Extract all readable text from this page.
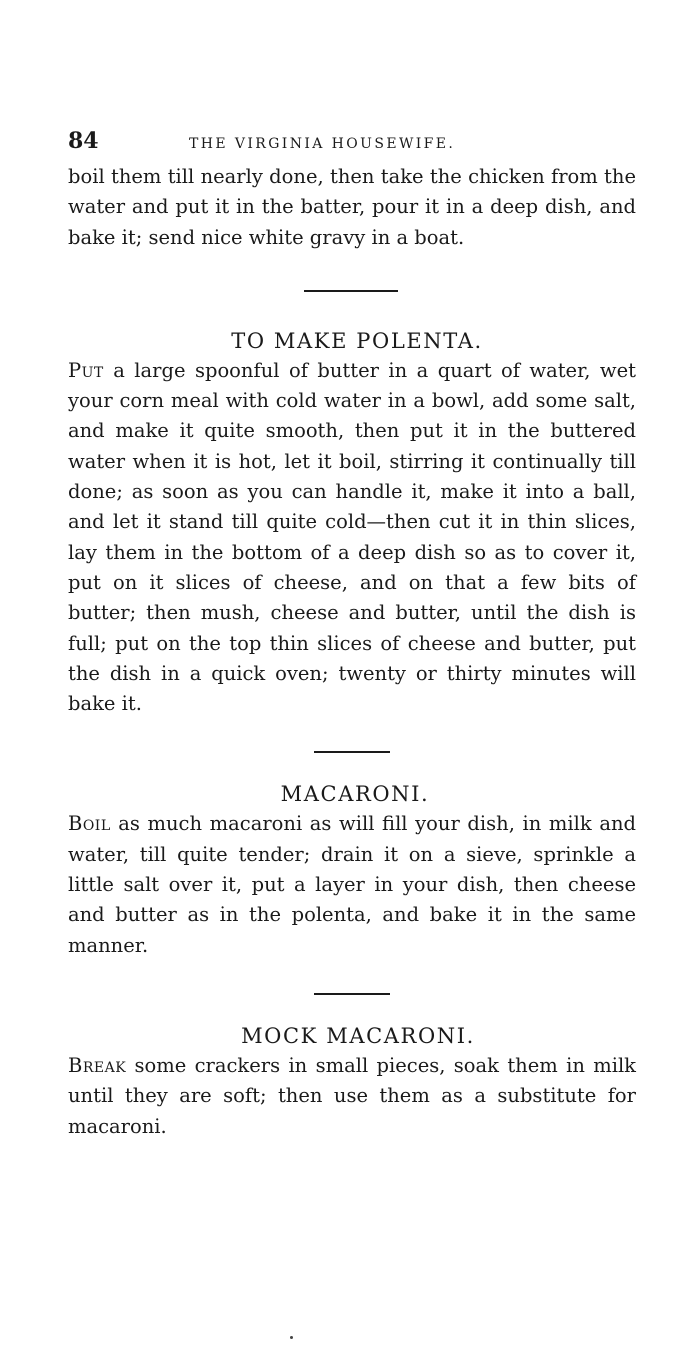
84	THE VIRGINIA HOUSEWIFE.

boil them till nearly done, then take the chicken from the water and put it in the batter, pour it in a deep dish, and bake it; send nice white gravy in a boat.

TO MAKE POLENTA.

Put a large spoonful of butter in a quart of water, wet your corn meal with cold water in a bowl, add some salt, and make it quite smooth, then put it in the buttered water when it is hot, let it boil, stirring it continually till done; as soon as you can handle it, make it into a ball, and let it stand till quite cold—then cut it in thin slices, lay them in the bottom of a deep dish so as to cover it, put on it slices of cheese, and on that a few bits of butter; then mush, cheese and butter, until the dish is full; put on the top thin slices of cheese and butter, put the dish in a quick oven; twenty or thirty minutes will bake it.

MACARONI.

Boil as much macaroni as will fill your dish, in milk and water, till quite tender; drain it on a sieve, sprinkle a little salt over it, put a layer in your dish, then cheese and butter as in the polenta, and bake it in the same manner.

MOCK MACARONI.

Break some crackers in small pieces, soak them in milk until they are soft; then use them as a substitute for macaroni.
